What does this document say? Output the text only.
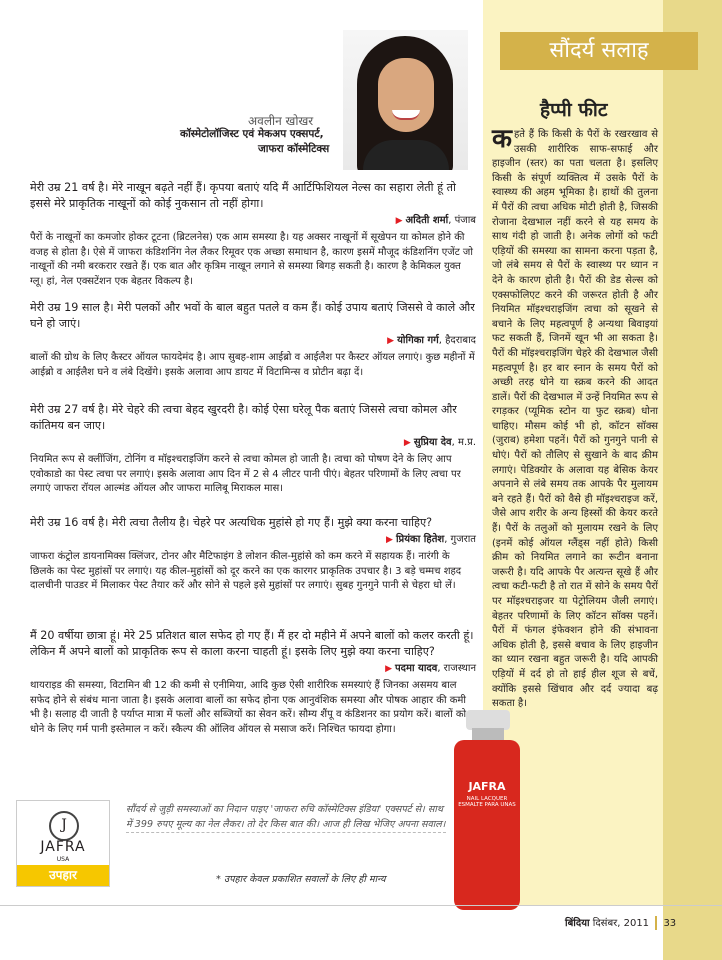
सौंदर्य सलाह
अवलीन खोखर
कॉस्मेटोलॉजिस्ट एवं मेकअप एक्सपर्ट,
जाफरा कॉस्मेटिक्स

मेरी उम्र 21 वर्ष है। मेरे नाखून बढ़ते नहीं हैं। कृपया बताएं यदि मैं आर्टिफिशियल नेल्स का सहारा लेती हूं तो इससे मेरे प्राकृतिक नाखूनों को कोई नुकसान तो नहीं होगा।

▶ अदिती शर्मा, पंजाब

पैरों के नाखूनों का कमजोर होकर टूटना (ब्रिटलनेस) एक आम समस्या है। यह अक्सर नाखूनों में सूखेपन या कोमल होने की वजह से होता है। ऐसे में जाफरा कंडिशनिंग नेल लैकर रिमूवर एक अच्छा समाधान है, कारण इसमें मौजूद कंडिशनिंग एजेंट जो नाखूनों की नमी बरकरार रखते हैं। एक बात और कृत्रिम नाखून लगाने से समस्या बिगड़ सकती है। कारण है केमिकल युक्त ग्लू। हां, नेल एक्सटेंशन एक बेहतर विकल्प है।

मेरी उम्र 19 साल है। मेरी पलकों और भवों के बाल बहुत पतले व कम हैं। कोई उपाय बताएं जिससे वे काले और घने हो जाएं।

▶ योगिका गर्ग, हैदराबाद

बालों की ग्रोथ के लिए कैस्टर ऑयल फायदेमंद है। आप सुबह-शाम आईब्रो व आईलैश पर कैस्टर ऑयल लगाएं। कुछ महीनों में आईब्रो व आईलैश घने व लंबे दिखेंगे। इसके अलावा आप डायट में विटामिन्स व प्रोटीन बढ़ा दें।

मेरी उम्र 27 वर्ष है। मेरे चेहरे की त्वचा बेहद खुरदरी है। कोई ऐसा घरेलू पैक बताएं जिससे त्वचा कोमल और कांतिमय बन जाए।

▶ सुप्रिया देव, म.प्र.

नियमित रूप से क्लींजिंग, टोनिंग व मॉइश्चराइजिंग करने से त्वचा कोमल हो जाती है। त्वचा को पोषण देने के लिए आप एवोकाडो का पेस्ट त्वचा पर लगाएं। इसके अलावा आप दिन में 2 से 4 लीटर पानी पीएं। बेहतर परिणामों के लिए त्वचा पर लगाएं जाफरा रॉयल आल्मंड ऑयल और जाफरा मालिबू मिराकल मास।

मेरी उम्र 16 वर्ष है। मेरी त्वचा तैलीय है। चेहरे पर अत्यधिक मुहांसे हो गए हैं। मुझे क्या करना चाहिए?

▶ प्रियंका हितेश, गुजरात

जाफरा कंट्रोल डायनामिक्स क्लिंजर, टोनर और मैटिफाइंग डे लोशन कील-मुहांसे को कम करने में सहायक हैं। नारंगी के छिलके का पेस्ट मुहांसों पर लगाएं। यह कील-मुहांसों को दूर करने का एक कारगर प्राकृतिक उपचार है। 3 बड़े चम्मच शहद दालचीनी पाउडर में मिलाकर पेस्ट तैयार करें और सोने से पहले इसे मुहांसों पर लगाएं। सुबह गुनगुने पानी से चेहरा धो लें।

मैं 20 वर्षीया छात्रा हूं। मेरे 25 प्रतिशत बाल सफेद हो गए हैं। मैं हर दो महीने में अपने बालों को कलर करती हूं। लेकिन मैं अपने बालों को प्राकृतिक रूप से काला करना चाहती हूं। इसके लिए मुझे क्या करना चाहिए?

▶ पदमा यादव, राजस्थान

थायराइड की समस्या, विटामिन बी 12 की कमी से एनीमिया, आदि कुछ ऐसी शारीरिक समस्याएं हैं जिनका असमय बाल सफेद होने से संबंध माना जाता है। इसके अलावा बालों का सफेद होना एक आनुवंशिक समस्या और पोषक आहार की कमी भी है। सलाह दी जाती है पर्याप्त मात्रा में फलों और सब्जियों का सेवन करें। सौम्य शैंपू व कंडिशनर का प्रयोग करें। बालों को धोने के लिए गर्म पानी इस्तेमाल न करें। स्कैल्प की ऑलिव ऑयल से मसाज करें। निश्चित फायदा होगा।

हैप्पी फीट
कहते हैं कि किसी के पैरों के रखरखाव से उसकी शारीरिक साफ-सफाई और हाइजीन (स्तर) का पता चलता है। इसलिए किसी के संपूर्ण व्यक्तित्व में उसके पैरों के स्वास्थ्य की अहम भूमिका है। हाथों की तुलना में पैरों की त्वचा अधिक मोटी होती है, जिसकी रोजाना देखभाल नहीं करने से यह समय के साथ गंदी हो जाती है। अनेक लोगों को फटी एड़ियों की समस्या का सामना करना पड़ता है, जो लंबे समय से पैरों के स्वास्थ्य पर ध्यान न देने के कारण होती है। पैरों की डेड सेल्स को एक्सफोलिएट करने की जरूरत होती है और नियमित मॉइश्चराइजिंग त्वचा को सूखने से बचाने के लिए महत्वपूर्ण है अन्यथा बिवाइयां फट सकती हैं, जिनमें खून भी आ सकता है। पैरों की मॉइश्चराइजिंग चेहरे की देखभाल जैसी महत्वपूर्ण है। हर बार स्नान के समय पैरों को अच्छी तरह धोने या स्क्रब करने की आदत डालें। पैरों की देखभाल में उन्हें नियमित रूप से रगड़कर (प्यूमिक स्टोन या फुट स्क्रब) धोना चाहिए। मौसम कोई भी हो, कॉटन सॉक्स (जुराब) हमेशा पहनें। पैरों को गुनगुने पानी से धोएं। पैरों को तौलिए से सुखाने के बाद क्रीम लगाएं। पेडिक्योर के अलावा यह बेसिक केयर अपनाने से लंबे समय तक आपके पैर मुलायम बने रहते हैं। पैरों को वैसे ही मॉइश्चराइज करें, जैसे आप शरीर के अन्य हिस्सों की केयर करते हैं। पैरों के तलुओं को मुलायम रखने के लिए (इनमें कोई ऑयल ग्लैंड्स नहीं होते) किसी क्रीम को नियमित लगाने का रूटीन बनाना जरूरी है। यदि आपके पैर अत्यन्त सूखे हैं और त्वचा कटी-फटी है तो रात में सोने के समय पैरों पर मॉइश्चराइजर या पेट्रोलियम जैली लगाएं। बेहतर परिणामों के लिए कॉटन सॉक्स पहनें। पैरों में फंगल इंफेक्शन होने की संभावना अधिक होती है, इससे बचाव के लिए हाइजीन का ध्यान रखना बहुत जरूरी है। यदि आपकी एड़ियों में दर्द हो तो हाई हील शूज से बचें, क्योंकि इससे खिंचाव और दर्द ज्यादा बढ़ सकता है।
JAFRA
NAIL LACQUER ESMALTE PARA UNAS
J
JAFRA
USA
उपहार
सौंदर्य से जुड़ी समस्याओं का निदान पाइए 'जाफरा रुचि कॉस्मेटिक्स इंडिया' एक्सपर्ट से। साथ में 399 रुपए मूल्य का नेल लैकर। तो देर किस बात की। आज ही लिख भेजिए अपना सवाल।
* उपहार केवल प्रकाशित सवालों के लिए ही मान्य
बिंदिया दिसंबर, 2011 33
